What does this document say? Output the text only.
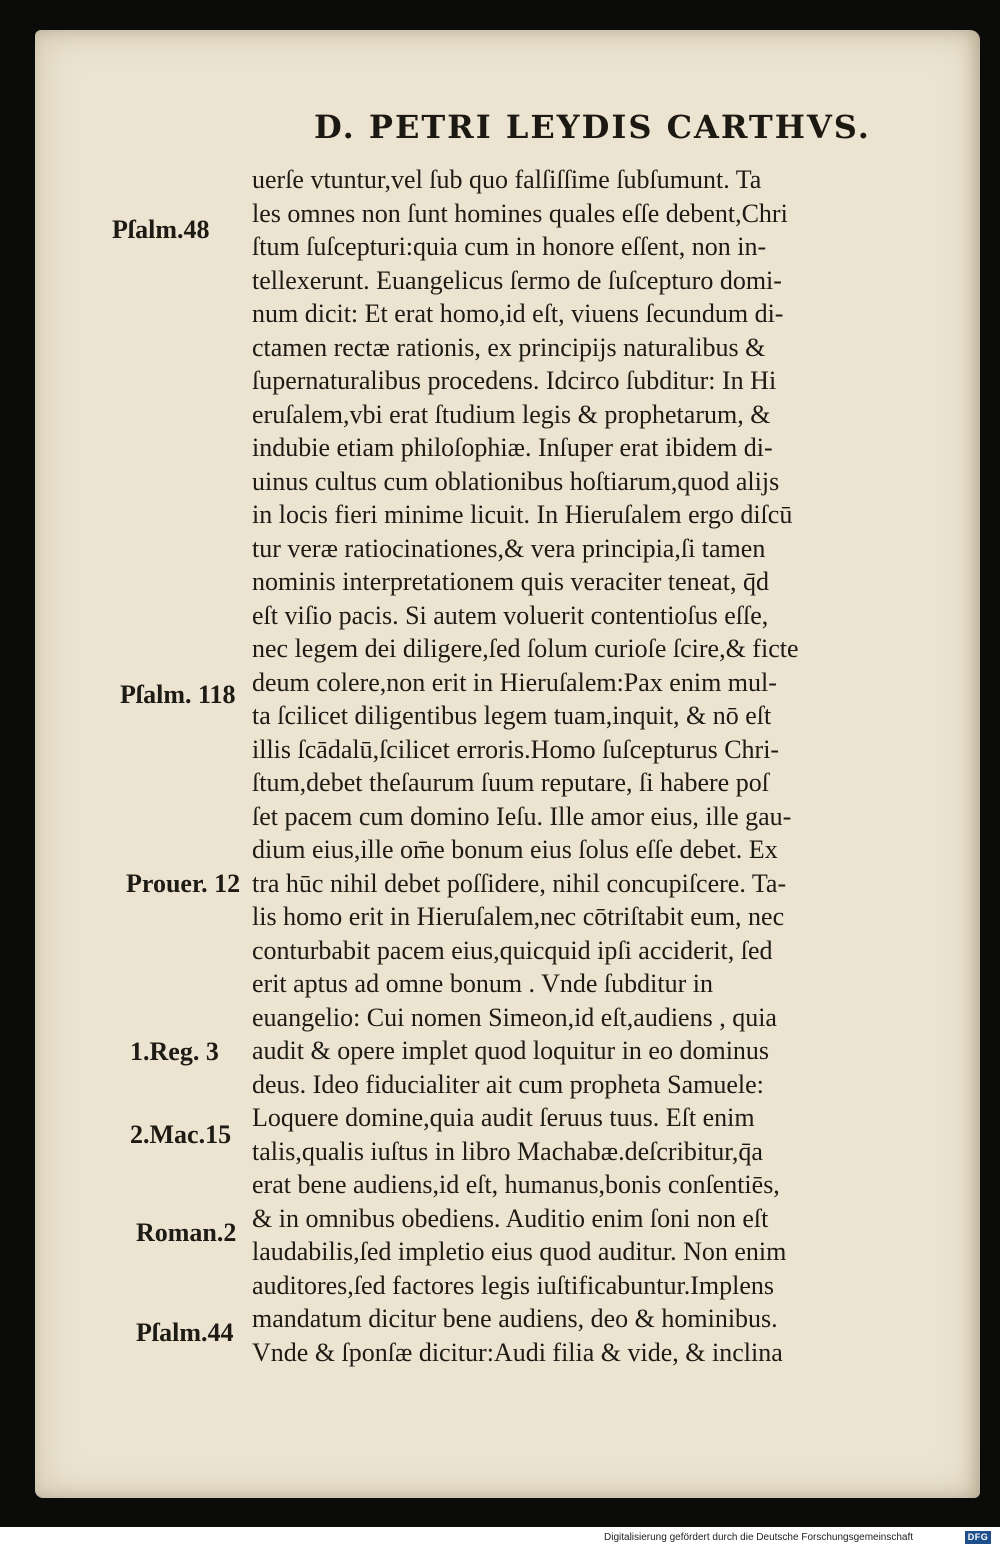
D. PETRI LEYDIS CARTHVS.
uerſe vtuntur,vel ſub quo falſiſſime ſubſumunt. Ta
les omnes non ſunt homines quales eſſe debent,Chri
ſtum ſuſcepturi:quia cum in honore eſſent, non in-
tellexerunt. Euangelicus ſermo de ſuſcepturo domi-
num dicit: Et erat homo,id eſt, viuens ſecundum di-
ctamen rectæ rationis, ex principijs naturalibus &
ſupernaturalibus procedens. Idcirco ſubditur: In Hi
eruſalem,vbi erat ſtudium legis & prophetarum, &
indubie etiam philoſophiæ. Inſuper erat ibidem di-
uinus cultus cum oblationibus hoſtiarum,quod alijs
in locis fieri minime licuit. In Hieruſalem ergo diſcū
tur veræ ratiocinationes,& vera principia,ſi tamen
nominis interpretationem quis veraciter teneat, q̄d
eſt viſio pacis. Si autem voluerit contentioſus eſſe,
nec legem dei diligere,ſed ſolum curioſe ſcire,& ficte
deum colere,non erit in Hieruſalem:Pax enim mul-
ta ſcilicet diligentibus legem tuam,inquit, & nō eſt
illis ſcādalū,ſcilicet erroris.Homo ſuſcepturus Chri-
ſtum,debet theſaurum ſuum reputare, ſi habere poſ
ſet pacem cum domino Ieſu. Ille amor eius, ille gau-
dium eius,ille om̄e bonum eius ſolus eſſe debet. Ex
tra hūc nihil debet poſſidere, nihil concupiſcere. Ta-
lis homo erit in Hieruſalem,nec cōtriſtabit eum, nec
conturbabit pacem eius,quicquid ipſi acciderit, ſed
erit aptus ad omne bonum . Vnde ſubditur in
euangelio: Cui nomen Simeon,id eſt,audiens , quia
audit & opere implet quod loquitur in eo dominus
deus. Ideo fiducialiter ait cum propheta Samuele:
Loquere domine,quia audit ſeruus tuus. Eſt enim
talis,qualis iuſtus in libro Machabæ.deſcribitur,q̄a
erat bene audiens,id eſt, humanus,bonis conſentiēs,
& in omnibus obediens. Auditio enim ſoni non eſt
laudabilis,ſed impletio eius quod auditur. Non enim
auditores,ſed factores legis iuſtificabuntur.Implens
mandatum dicitur bene audiens, deo & hominibus.
Vnde & ſponſæ dicitur:Audi filia & vide, & inclina

Pſalm.48

Pſalm. 118

Prouer. 12

1.Reg. 3

2.Mac.15

Roman.2

Pſalm.44

Digitalisierung gefördert durch die Deutsche Forschungsgemeinschaft	DFG
